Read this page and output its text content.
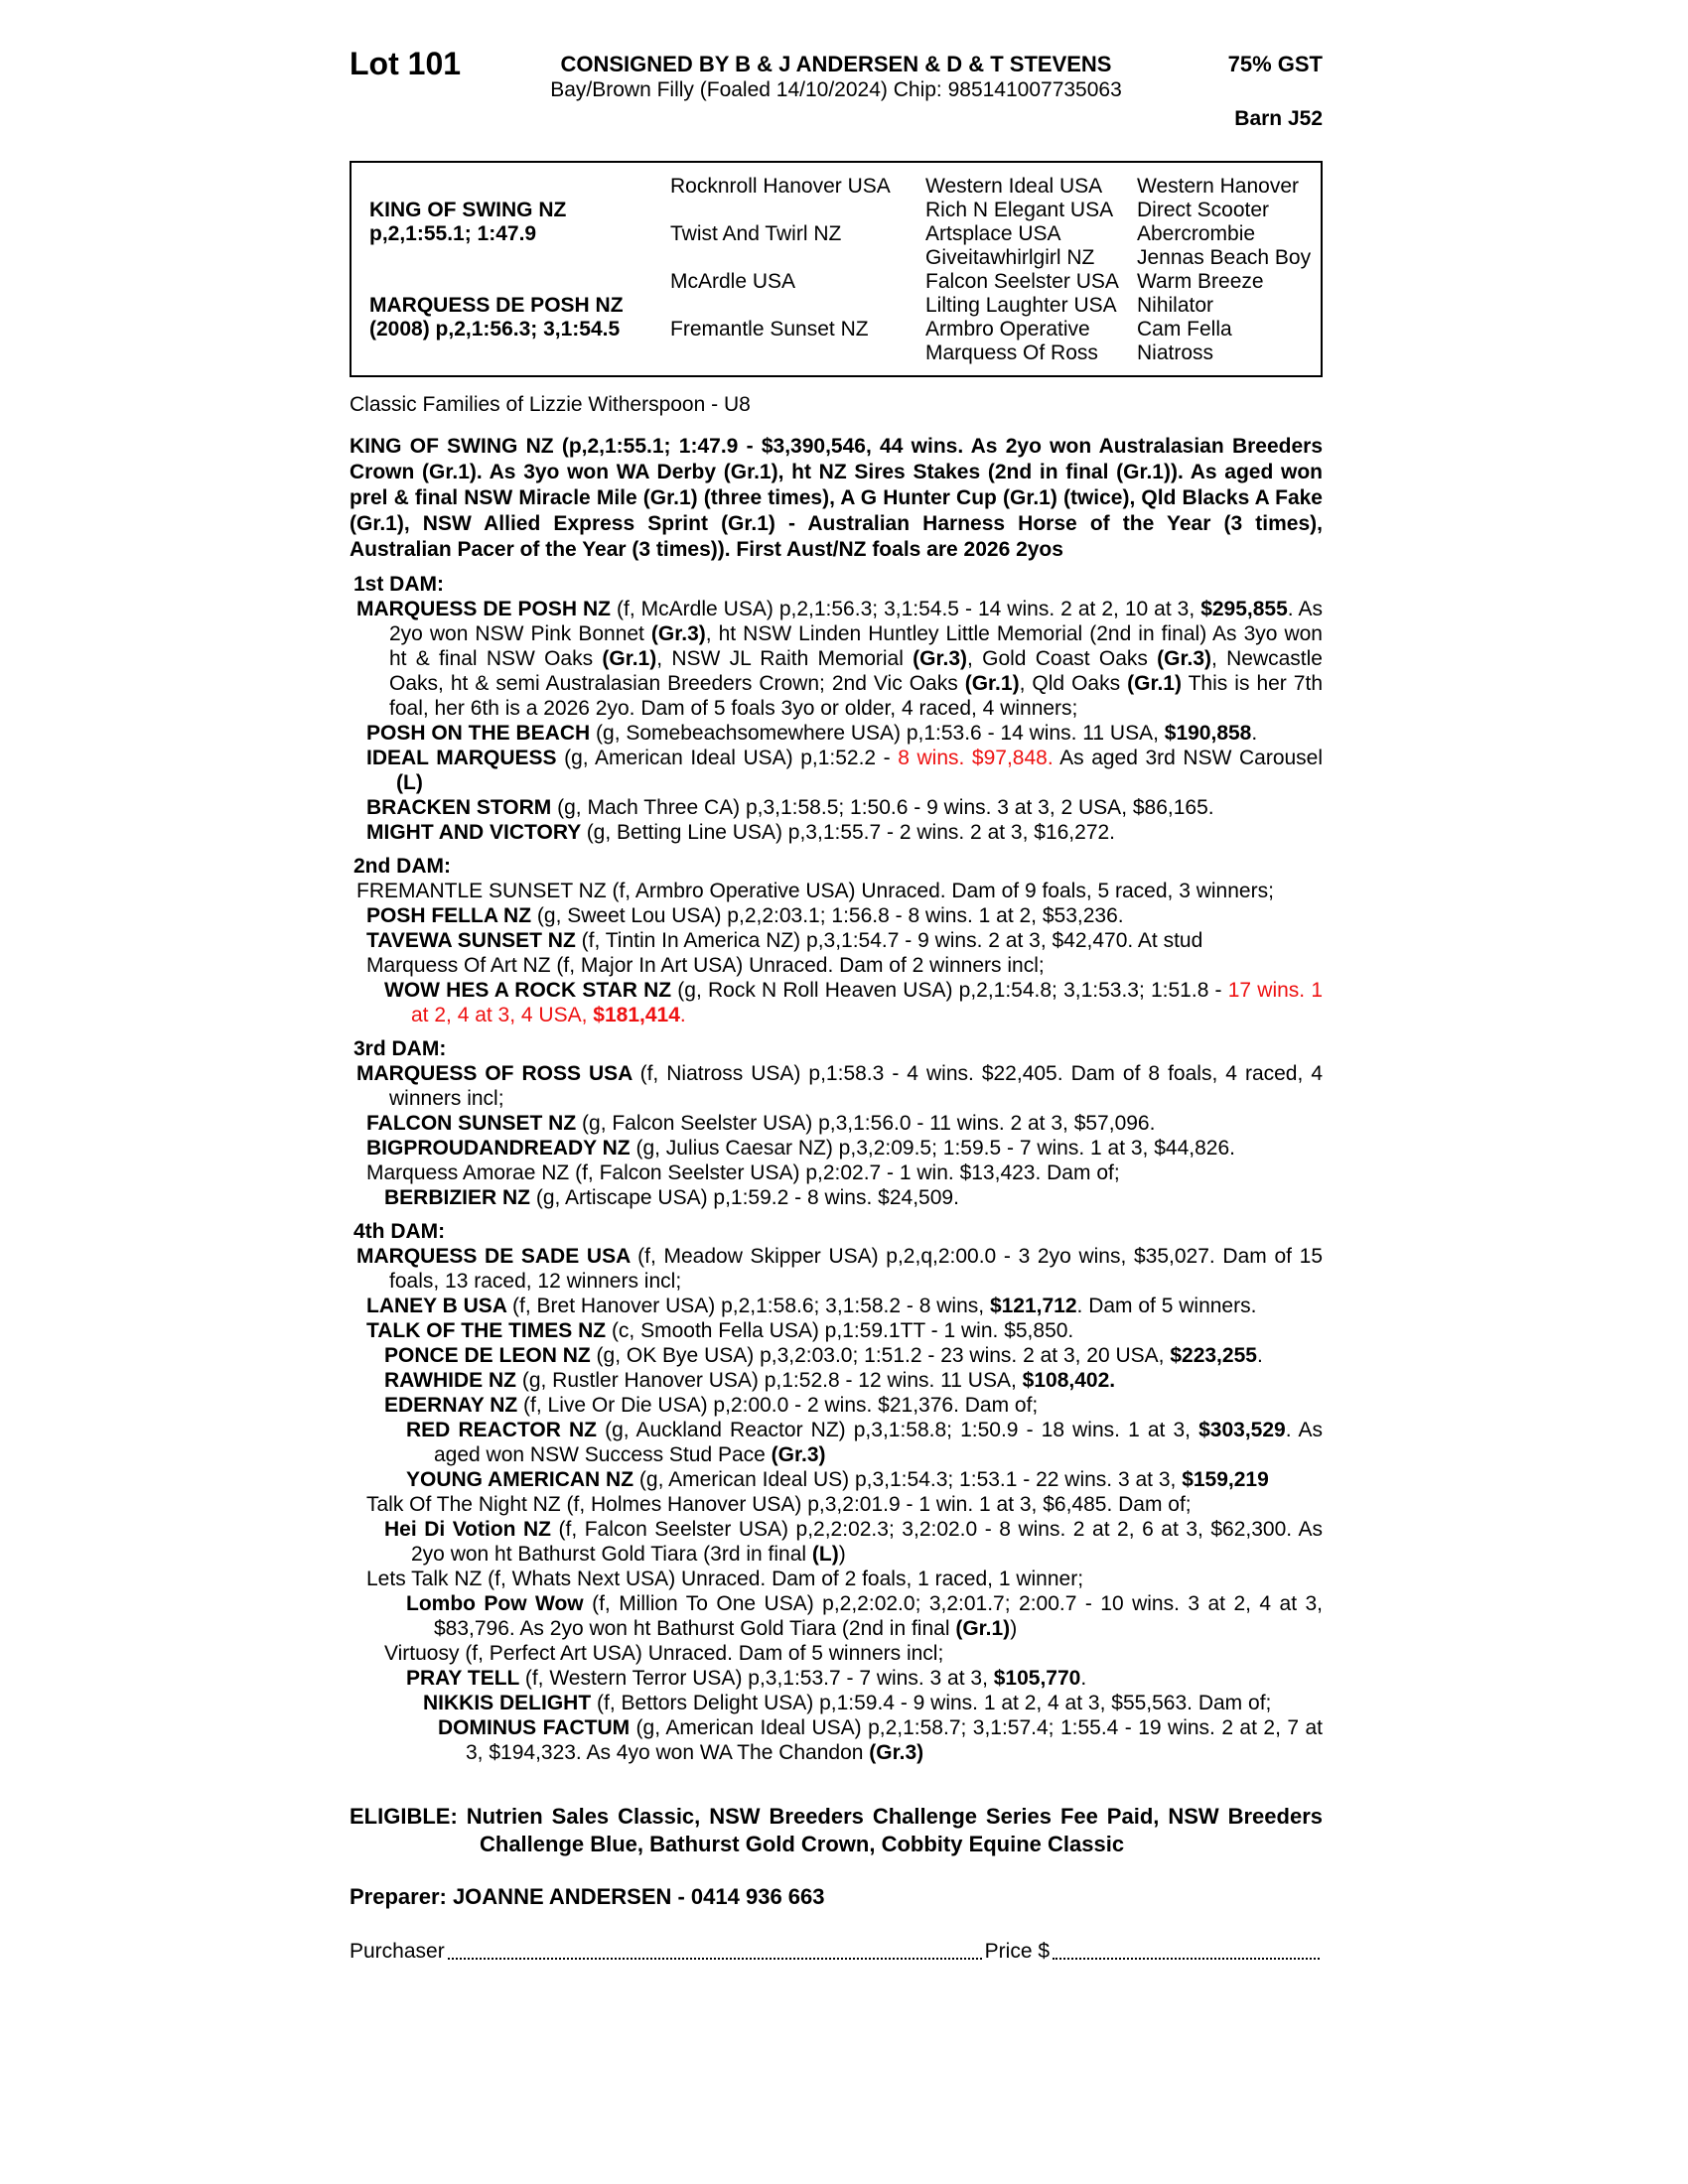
Lot 101	CONSIGNED BY B & J ANDERSEN & D & T STEVENS
Bay/Brown Filly (Foaled 14/10/2024) Chip: 985141007735063
75% GST
Barn J52
KING OF SWING NZ
p,2,1:55.1; 1:47.9
MARQUESS DE POSH NZ
(2008) p,2,1:56.3; 3,1:54.5
Rocknroll Hanover USA
Twist And Twirl NZ
McArdle USA
Fremantle Sunset NZ
Western Ideal USA
Rich N Elegant USA
Artsplace USA
Giveitawhirlgirl NZ
Falcon Seelster USA
Lilting Laughter USA
Armbro Operative
Marquess Of Ross
Western Hanover
Direct Scooter
Abercrombie
Jennas Beach Boy
Warm Breeze
Nihilator
Cam Fella
Niatross
Classic Families of Lizzie Witherspoon - U8
KING OF SWING NZ (p,2,1:55.1; 1:47.9 - $3,390,546, 44 wins. As 2yo won Australasian Breeders Crown (Gr.1). As 3yo won WA Derby (Gr.1), ht NZ Sires Stakes (2nd in final (Gr.1)). As aged won prel & final NSW Miracle Mile (Gr.1) (three times), A G Hunter Cup (Gr.1) (twice), Qld Blacks A Fake (Gr.1), NSW Allied Express Sprint (Gr.1) - Australian Harness Horse of the Year (3 times), Australian Pacer of the Year (3 times)). First Aust/NZ foals are 2026 2yos
1st DAM:
MARQUESS DE POSH NZ (f, McArdle USA) p,2,1:56.3; 3,1:54.5 - 14 wins. 2 at 2, 10 at 3, $295,855. As 2yo won NSW Pink Bonnet (Gr.3), ht NSW Linden Huntley Little Memorial (2nd in final) As 3yo won ht & final NSW Oaks (Gr.1), NSW JL Raith Memorial (Gr.3), Gold Coast Oaks (Gr.3), Newcastle Oaks, ht & semi Australasian Breeders Crown; 2nd Vic Oaks (Gr.1), Qld Oaks (Gr.1) This is her 7th foal, her 6th is a 2026 2yo. Dam of 5 foals 3yo or older, 4 raced, 4 winners;
POSH ON THE BEACH (g, Somebeachsomewhere USA) p,1:53.6 - 14 wins. 11 USA, $190,858.
IDEAL MARQUESS (g, American Ideal USA) p,1:52.2 - 8 wins. $97,848. As aged 3rd NSW Carousel (L)
BRACKEN STORM (g, Mach Three CA) p,3,1:58.5; 1:50.6 - 9 wins. 3 at 3, 2 USA, $86,165.
MIGHT AND VICTORY (g, Betting Line USA) p,3,1:55.7 - 2 wins. 2 at 3, $16,272.
2nd DAM:
FREMANTLE SUNSET NZ (f, Armbro Operative USA) Unraced. Dam of 9 foals, 5 raced, 3 winners;
POSH FELLA NZ (g, Sweet Lou USA) p,2,2:03.1; 1:56.8 - 8 wins. 1 at 2, $53,236.
TAVEWA SUNSET NZ (f, Tintin In America NZ) p,3,1:54.7 - 9 wins. 2 at 3, $42,470. At stud
Marquess Of Art NZ (f, Major In Art USA) Unraced. Dam of 2 winners incl;
WOW HES A ROCK STAR NZ (g, Rock N Roll Heaven USA) p,2,1:54.8; 3,1:53.3; 1:51.8 - 17 wins. 1 at 2, 4 at 3, 4 USA, $181,414.
3rd DAM:
MARQUESS OF ROSS USA (f, Niatross USA) p,1:58.3 - 4 wins. $22,405. Dam of 8 foals, 4 raced, 4 winners incl;
FALCON SUNSET NZ (g, Falcon Seelster USA) p,3,1:56.0 - 11 wins. 2 at 3, $57,096.
BIGPROUDANDREADY NZ (g, Julius Caesar NZ) p,3,2:09.5; 1:59.5 - 7 wins. 1 at 3, $44,826.
Marquess Amorae NZ (f, Falcon Seelster USA) p,2:02.7 - 1 win. $13,423. Dam of;
BERBIZIER NZ (g, Artiscape USA) p,1:59.2 - 8 wins. $24,509.
4th DAM:
MARQUESS DE SADE USA (f, Meadow Skipper USA) p,2,q,2:00.0 - 3 2yo wins, $35,027. Dam of 15 foals, 13 raced, 12 winners incl;
LANEY B USA (f, Bret Hanover USA) p,2,1:58.6; 3,1:58.2 - 8 wins, $121,712. Dam of 5 winners.
TALK OF THE TIMES NZ (c, Smooth Fella USA) p,1:59.1TT - 1 win. $5,850.
PONCE DE LEON NZ (g, OK Bye USA) p,3,2:03.0; 1:51.2 - 23 wins. 2 at 3, 20 USA, $223,255.
RAWHIDE NZ (g, Rustler Hanover USA) p,1:52.8 - 12 wins. 11 USA, $108,402.
EDERNAY NZ (f, Live Or Die USA) p,2:00.0 - 2 wins. $21,376. Dam of;
RED REACTOR NZ (g, Auckland Reactor NZ) p,3,1:58.8; 1:50.9 - 18 wins. 1 at 3, $303,529. As aged won NSW Success Stud Pace (Gr.3)
YOUNG AMERICAN NZ (g, American Ideal US) p,3,1:54.3; 1:53.1 - 22 wins. 3 at 3, $159,219
Talk Of The Night NZ (f, Holmes Hanover USA) p,3,2:01.9 - 1 win. 1 at 3, $6,485. Dam of;
Hei Di Votion NZ (f, Falcon Seelster USA) p,2,2:02.3; 3,2:02.0 - 8 wins. 2 at 2, 6 at 3, $62,300. As 2yo won ht Bathurst Gold Tiara (3rd in final (L))
Lets Talk NZ (f, Whats Next USA) Unraced. Dam of 2 foals, 1 raced, 1 winner;
Lombo Pow Wow (f, Million To One USA) p,2,2:02.0; 3,2:01.7; 2:00.7 - 10 wins. 3 at 2, 4 at 3, $83,796. As 2yo won ht Bathurst Gold Tiara (2nd in final (Gr.1))
Virtuosy (f, Perfect Art USA) Unraced. Dam of 5 winners incl;
PRAY TELL (f, Western Terror USA) p,3,1:53.7 - 7 wins. 3 at 3, $105,770.
NIKKIS DELIGHT (f, Bettors Delight USA) p,1:59.4 - 9 wins. 1 at 2, 4 at 3, $55,563. Dam of;
DOMINUS FACTUM (g, American Ideal USA) p,2,1:58.7; 3,1:57.4; 1:55.4 - 19 wins. 2 at 2, 7 at 3, $194,323. As 4yo won WA The Chandon (Gr.3)
ELIGIBLE: Nutrien Sales Classic, NSW Breeders Challenge Series Fee Paid, NSW Breeders Challenge Blue, Bathurst Gold Crown, Cobbity Equine Classic
Preparer: JOANNE ANDERSEN - 0414 936 663
Purchaser	Price $
